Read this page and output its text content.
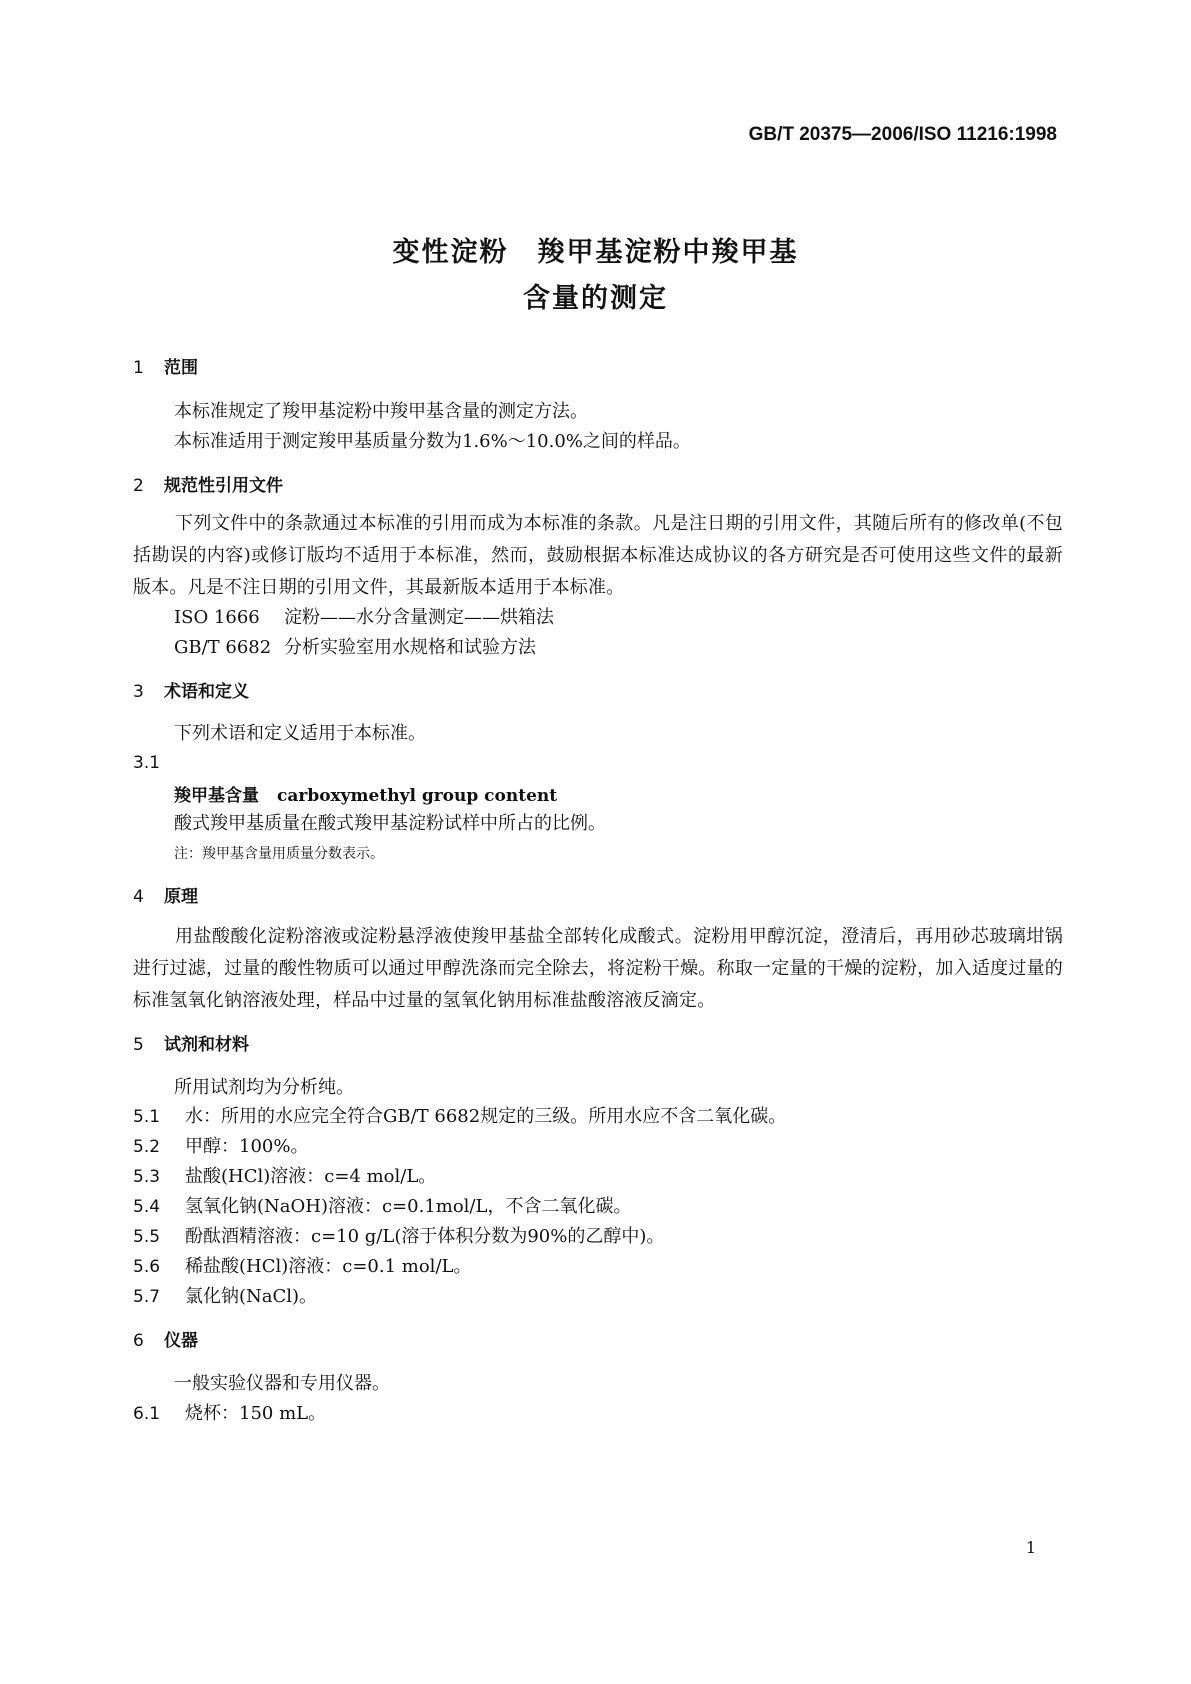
GB/T 20375—2006/ISO 11216:1998
变性淀粉　羧甲基淀粉中羧甲基
含量的测定
1 范围
本标准规定了羧甲基淀粉中羧甲基含量的测定方法。
本标准适用于测定羧甲基质量分数为1.6%～10.0%之间的样品。
2 规范性引用文件
下列文件中的条款通过本标准的引用而成为本标准的条款。凡是注日期的引用文件，其随后所有的修改单(不包括勘误的内容)或修订版均不适用于本标准，然而，鼓励根据本标准达成协议的各方研究是否可使用这些文件的最新版本。凡是不注日期的引用文件，其最新版本适用于本标准。
ISO 1666 淀粉——水分含量测定——烘箱法
GB/T 6682 分析实验室用水规格和试验方法
3 术语和定义
下列术语和定义适用于本标准。
3.1
羧甲基含量 carboxymethyl group content
酸式羧甲基质量在酸式羧甲基淀粉试样中所占的比例。
注：羧甲基含量用质量分数表示。
4 原理
用盐酸酸化淀粉溶液或淀粉悬浮液使羧甲基盐全部转化成酸式。淀粉用甲醇沉淀，澄清后，再用砂芯玻璃坩锅进行过滤，过量的酸性物质可以通过甲醇洗涤而完全除去，将淀粉干燥。称取一定量的干燥的淀粉，加入适度过量的标准氢氧化钠溶液处理，样品中过量的氢氧化钠用标准盐酸溶液反滴定。
5 试剂和材料
所用试剂均为分析纯。
5.1 水：所用的水应完全符合GB/T 6682规定的三级。所用水应不含二氧化碳。
5.2 甲醇：100%。
5.3 盐酸(HCl)溶液：c=4 mol/L。
5.4 氢氧化钠(NaOH)溶液：c=0.1mol/L，不含二氧化碳。
5.5 酚酞酒精溶液：c=10 g/L(溶于体积分数为90%的乙醇中)。
5.6 稀盐酸(HCl)溶液：c=0.1 mol/L。
5.7 氯化钠(NaCl)。
6 仪器
一般实验仪器和专用仪器。
6.1 烧杯：150 mL。
1
